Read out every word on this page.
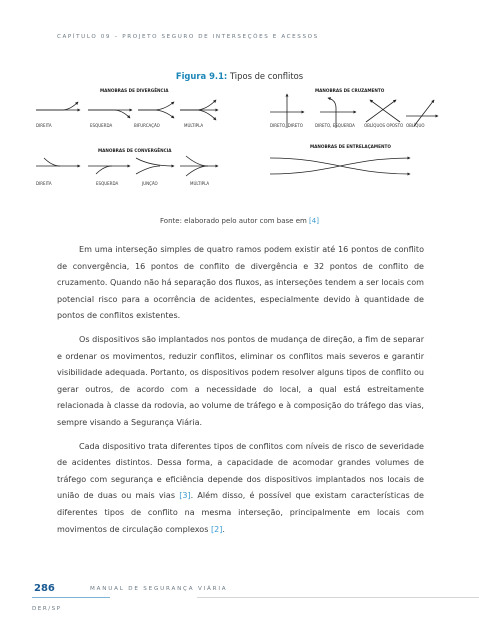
CAPÍTULO 09 – PROJETO SEGURO DE INTERSEÇÕES E ACESSOS
Figura 9.1: Tipos de conflitos
MANOBRAS DE DIVERGÊNCIA
DIREITA	ESQUERDA	BIFURCAÇÃO	MÚLTIPLA
MANOBRAS DE CRUZAMENTO
DIRETO, DIRETO	DIRETO, ESQUERDA OBLÍQUOS OPOSTO OBLÍQUO
MANOBRAS DE CONVERGÊNCIA
DIREITA	ESQUERDA	JUNÇÃO	MÚLTIPLA
MANOBRAS DE ENTRELAÇAMENTO
Fonte: elaborado pelo autor com base em [4]

Em uma interseção simples de quatro ramos podem existir até 16 pontos de conflito de convergência, 16 pontos de conflito de divergência e 32 pontos de conflito de cruzamento. Quando não há separação dos fluxos, as interseções tendem a ser locais com potencial risco para a ocorrência de acidentes, especialmente devido à quantidade de pontos de conflitos existentes.

Os dispositivos são implantados nos pontos de mudança de direção, a fim de separar e ordenar os movimentos, reduzir conflitos, eliminar os conflitos mais severos e garantir visibilidade adequada. Portanto, os dispositivos podem resolver alguns tipos de conflito ou gerar outros, de acordo com a necessidade do local, a qual está estreitamente relacionada à classe da rodovia, ao volume de tráfego e à composição do tráfego das vias, sempre visando a Segurança Viária.

Cada dispositivo trata diferentes tipos de conflitos com níveis de risco de severidade de acidentes distintos. Dessa forma, a capacidade de acomodar grandes volumes de tráfego com segurança e eficiência depende dos dispositivos implantados nos locais de união de duas ou mais vias [3]. Além disso, é possível que existam características de diferentes tipos de conflito na mesma interseção, principalmente em locais com movimentos de circulação complexos [2].

286	MANUAL DE SEGURANÇA VIÁRIA
DER/SP
